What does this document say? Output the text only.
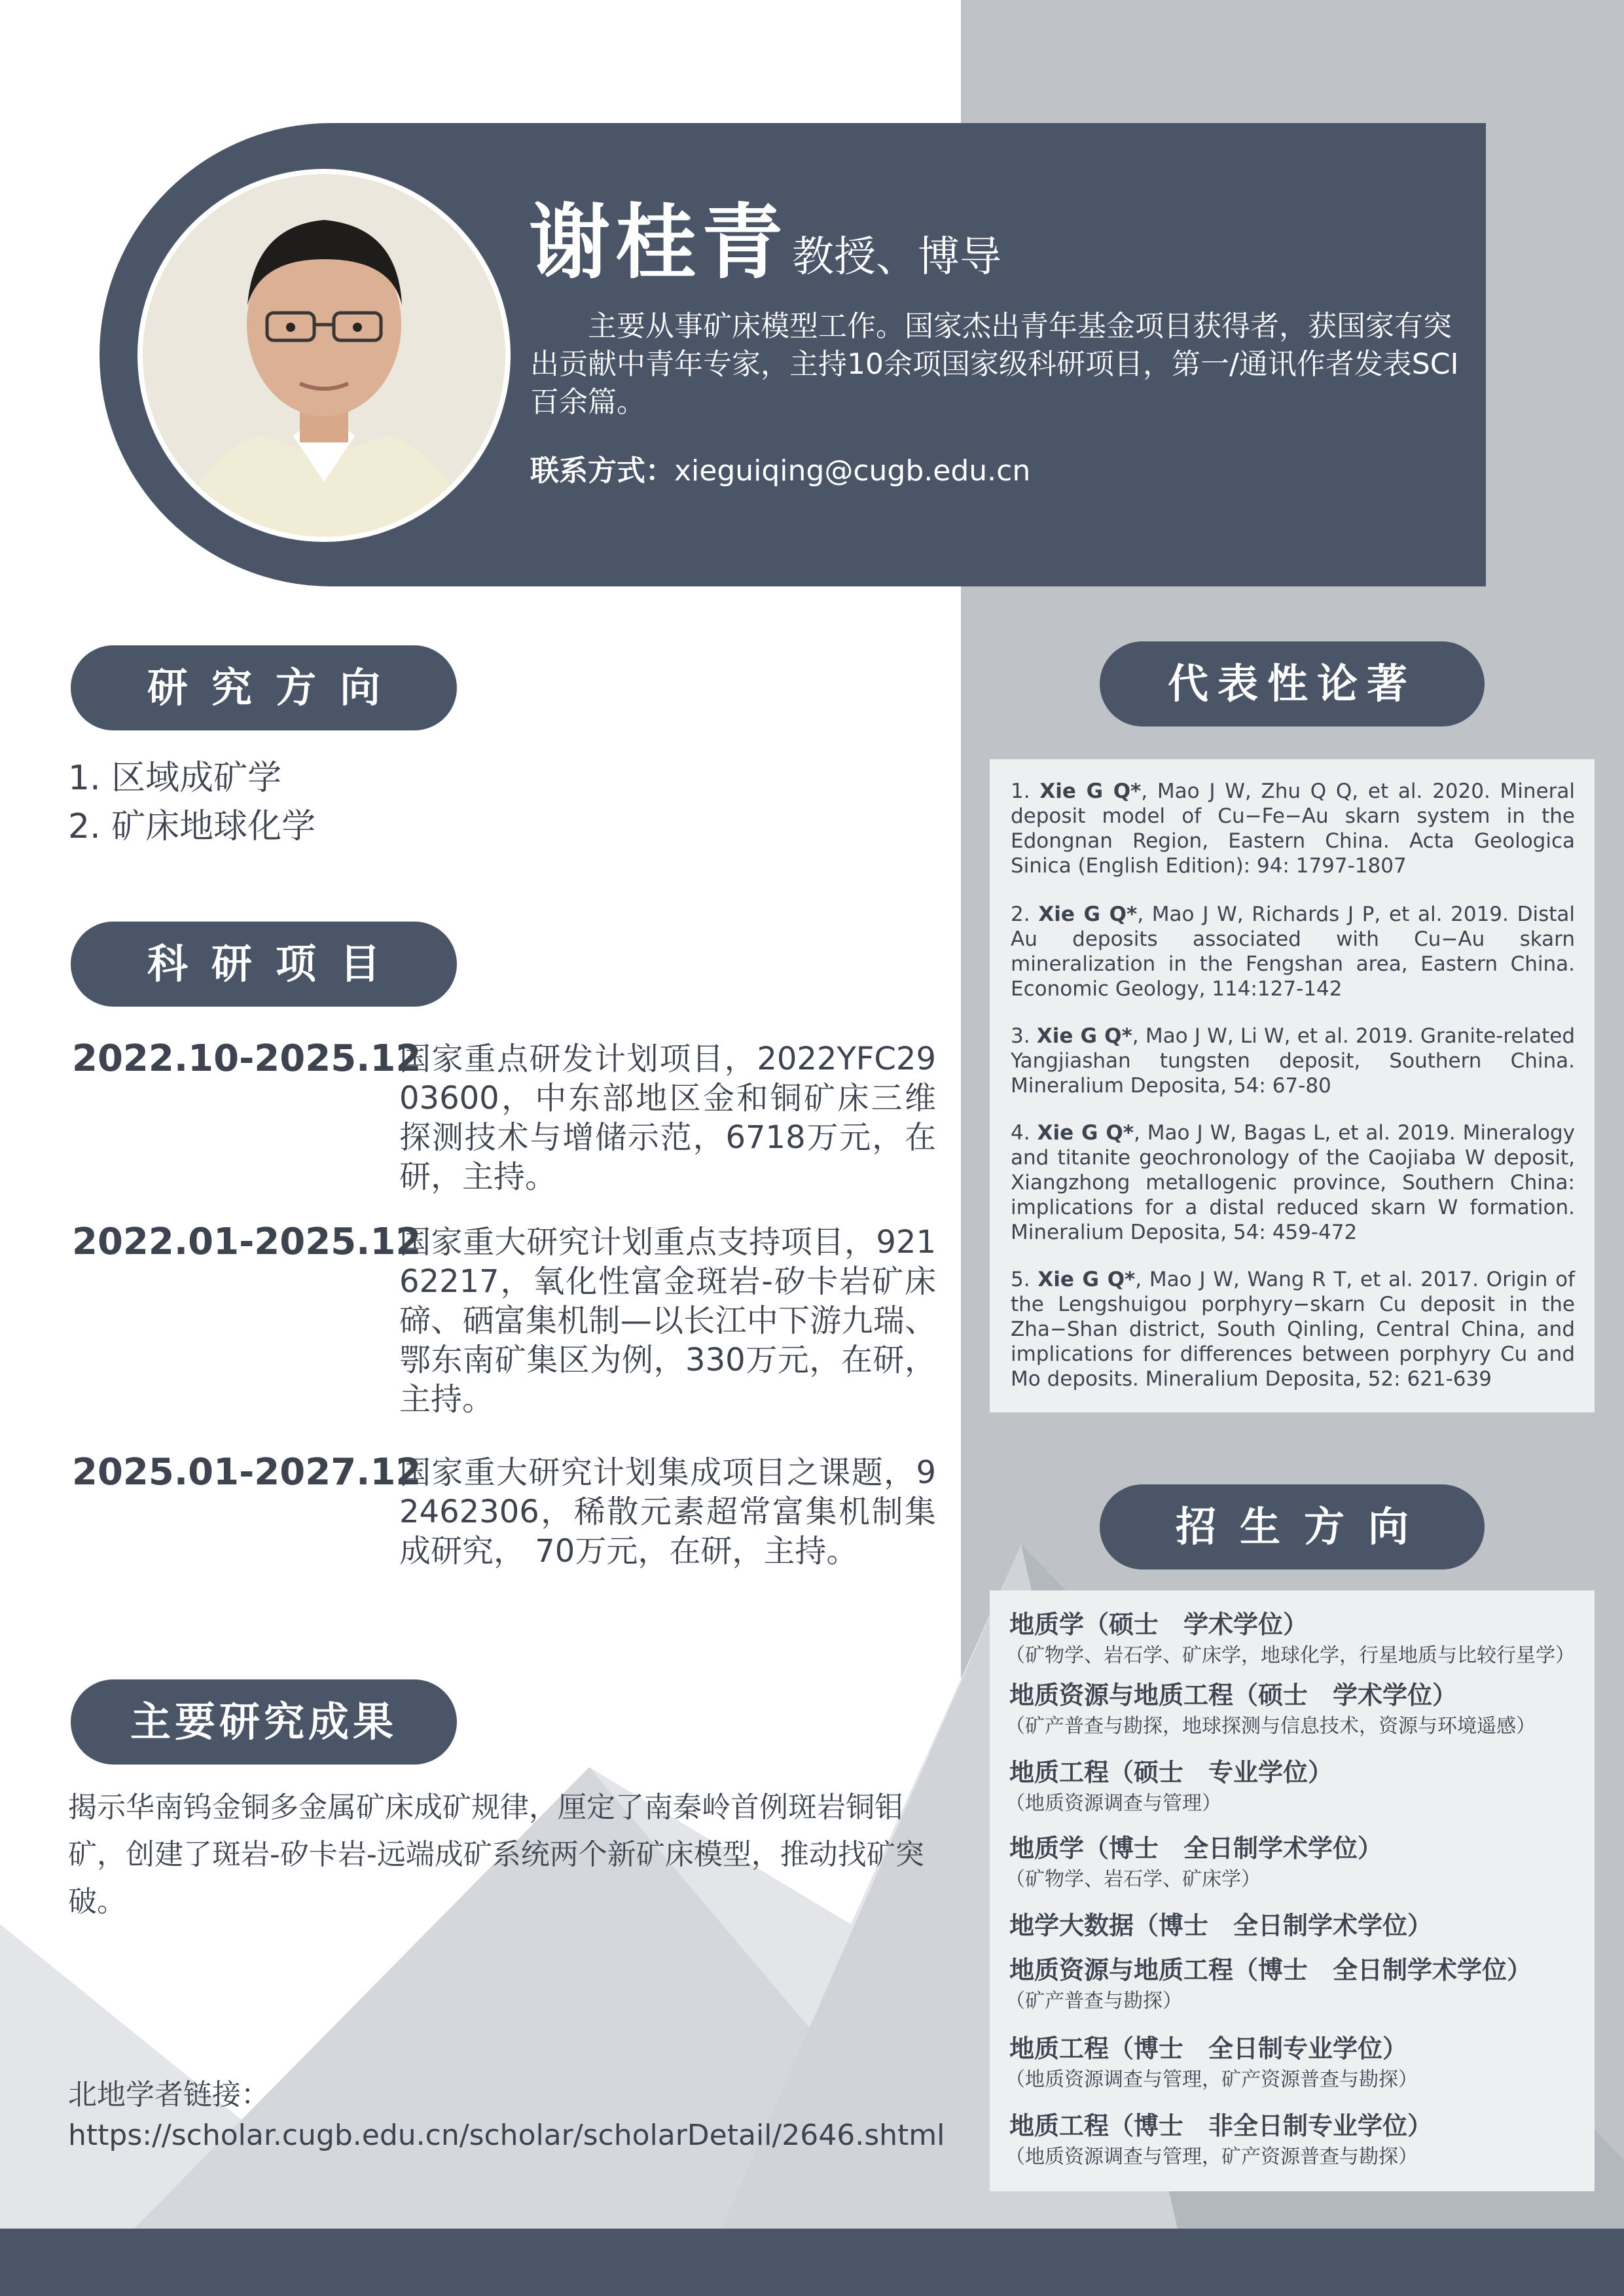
谢桂青 教授、博导
主要从事矿床模型工作。国家杰出青年基金项目获得者，获国家有突出贡献中青年专家，主持10余项国家级科研项目，第一/通讯作者发表SCI百余篇。
联系方式：xieguiqing@cugb.edu.cn
研究方向
1. 区域成矿学
2. 矿床地球化学
科研项目
2022.10-2025.12
国家重点研发计划项目，2022YFC2903600，中东部地区金和铜矿床三维探测技术与增储示范，6718万元，在研，主持。
2022.01-2025.12
国家重大研究计划重点支持项目，92162217，氧化性富金斑岩-矽卡岩矿床碲、硒富集机制—以长江中下游九瑞、鄂东南矿集区为例，330万元，在研，主持。
2025.01-2027.12
国家重大研究计划集成项目之课题，92462306，稀散元素超常富集机制集成研究， 70万元，在研，主持。
主要研究成果
揭示华南钨金铜多金属矿床成矿规律，厘定了南秦岭首例斑岩铜钼矿，创建了斑岩-矽卡岩-远端成矿系统两个新矿床模型，推动找矿突破。
北地学者链接：
https://scholar.cugb.edu.cn/scholar/scholarDetail/2646.shtml
代表性论著
1. Xie G Q*, Mao J W, Zhu Q Q, et al. 2020. Mineral deposit model of Cu−Fe−Au skarn system in the Edongnan Region, Eastern China. Acta Geologica Sinica (English Edition): 94: 1797-1807
2. Xie G Q*, Mao J W, Richards J P, et al. 2019. Distal Au deposits associated with Cu−Au skarn mineralization in the Fengshan area, Eastern China. Economic Geology, 114:127-142
3. Xie G Q*, Mao J W, Li W, et al. 2019. Granite-related Yangjiashan tungsten deposit, Southern China. Mineralium Deposita, 54: 67-80
4. Xie G Q*, Mao J W, Bagas L, et al. 2019. Mineralogy and titanite geochronology of the Caojiaba W deposit, Xiangzhong metallogenic province, Southern China: implications for a distal reduced skarn W formation. Mineralium Deposita, 54: 459-472
5. Xie G Q*, Mao J W, Wang R T, et al. 2017. Origin of the Lengshuigou porphyry−skarn Cu deposit in the Zha−Shan district, South Qinling, Central China, and implications for differences between porphyry Cu and Mo deposits. Mineralium Deposita, 52: 621-639
招生方向
地质学（硕士　学术学位）
（矿物学、岩石学、矿床学，地球化学，行星地质与比较行星学）
地质资源与地质工程（硕士　学术学位）
（矿产普查与勘探，地球探测与信息技术，资源与环境遥感）
地质工程（硕士　专业学位）
（地质资源调查与管理）
地质学（博士　全日制学术学位）
（矿物学、岩石学、矿床学）
地学大数据（博士　全日制学术学位）
地质资源与地质工程（博士　全日制学术学位）
（矿产普查与勘探）
地质工程（博士　全日制专业学位）
（地质资源调查与管理，矿产资源普查与勘探）
地质工程（博士　非全日制专业学位）
（地质资源调查与管理，矿产资源普查与勘探）
